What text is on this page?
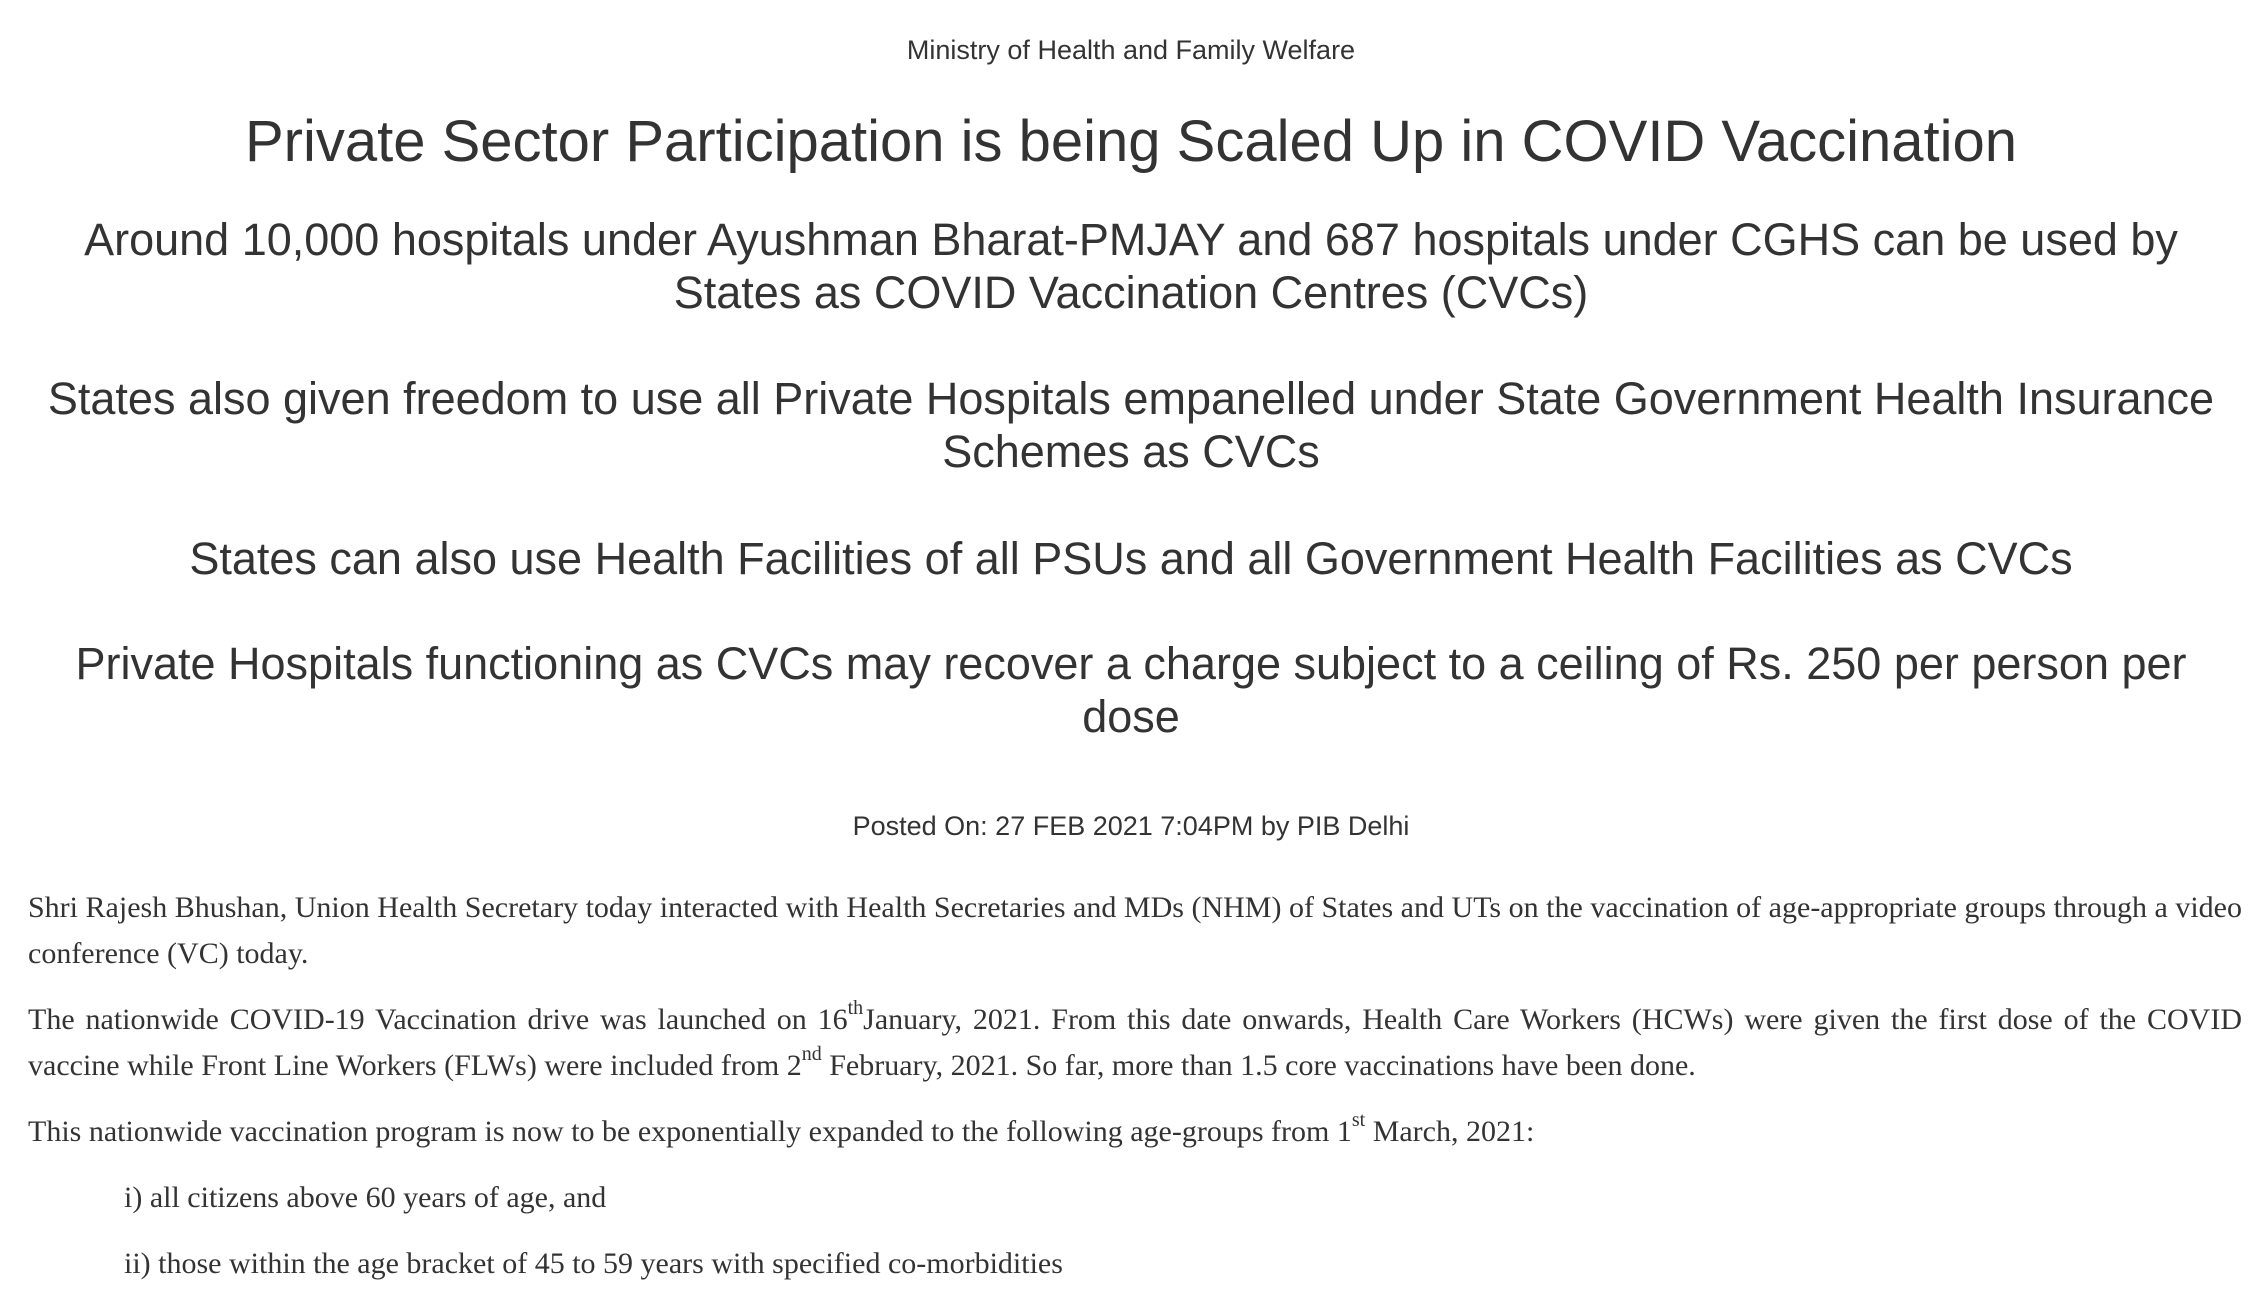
Ministry of Health and Family Welfare
Private Sector Participation is being Scaled Up in COVID Vaccination
Around 10,000 hospitals under Ayushman Bharat-PMJAY and 687 hospitals under CGHS can be used by States as COVID Vaccination Centres (CVCs)
States also given freedom to use all Private Hospitals empanelled under State Government Health Insurance Schemes as CVCs
States can also use Health Facilities of all PSUs and all Government Health Facilities as CVCs
Private Hospitals functioning as CVCs may recover a charge subject to a ceiling of Rs. 250 per person per dose
Posted On: 27 FEB 2021 7:04PM by PIB Delhi
Shri Rajesh Bhushan, Union Health Secretary today interacted with Health Secretaries and MDs (NHM) of States and UTs on the vaccination of age-appropriate groups through a video conference (VC) today.
The nationwide COVID-19 Vaccination drive was launched on 16thJanuary, 2021. From this date onwards, Health Care Workers (HCWs) were given the first dose of the COVID vaccine while Front Line Workers (FLWs) were included from 2nd February, 2021. So far, more than 1.5 core vaccinations have been done.
This nationwide vaccination program is now to be exponentially expanded to the following age-groups from 1st March, 2021:
i) all citizens above 60 years of age, and
ii) those within the age bracket of 45 to 59 years with specified co-morbidities
